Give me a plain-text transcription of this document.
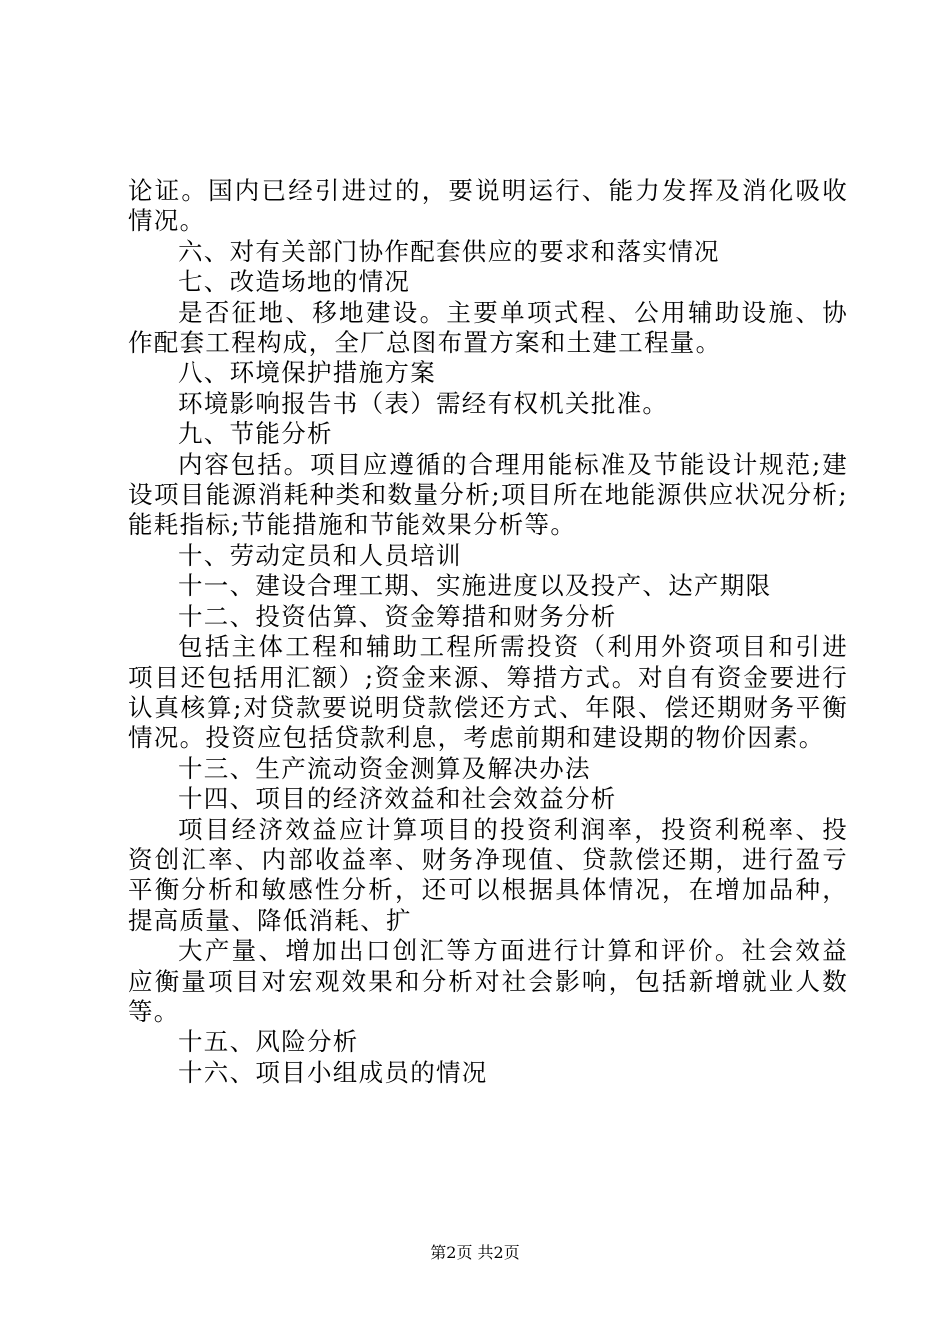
论证。国内已经引进过的，要说明运行、能力发挥及消化吸收情况。

六、对有关部门协作配套供应的要求和落实情况

七、改造场地的情况

是否征地、移地建设。主要单项式程、公用辅助设施、协作配套工程构成，全厂总图布置方案和土建工程量。

八、环境保护措施方案

环境影响报告书（表）需经有权机关批准。

九、节能分析

内容包括。项目应遵循的合理用能标准及节能设计规范;建设项目能源消耗种类和数量分析;项目所在地能源供应状况分析;能耗指标;节能措施和节能效果分析等。

十、劳动定员和人员培训

十一、建设合理工期、实施进度以及投产、达产期限

十二、投资估算、资金筹措和财务分析

包括主体工程和辅助工程所需投资（利用外资项目和引进项目还包括用汇额）;资金来源、筹措方式。对自有资金要进行认真核算;对贷款要说明贷款偿还方式、年限、偿还期财务平衡情况。投资应包括贷款利息，考虑前期和建设期的物价因素。

十三、生产流动资金测算及解决办法

十四、项目的经济效益和社会效益分析

项目经济效益应计算项目的投资利润率，投资利税率、投资创汇率、内部收益率、财务净现值、贷款偿还期，进行盈亏平衡分析和敏感性分析，还可以根据具体情况，在增加品种，提高质量、降低消耗、扩

大产量、增加出口创汇等方面进行计算和评价。社会效益应衡量项目对宏观效果和分析对社会影响，包括新增就业人数等。

十五、风险分析

十六、项目小组成员的情况

第2页 共2页
